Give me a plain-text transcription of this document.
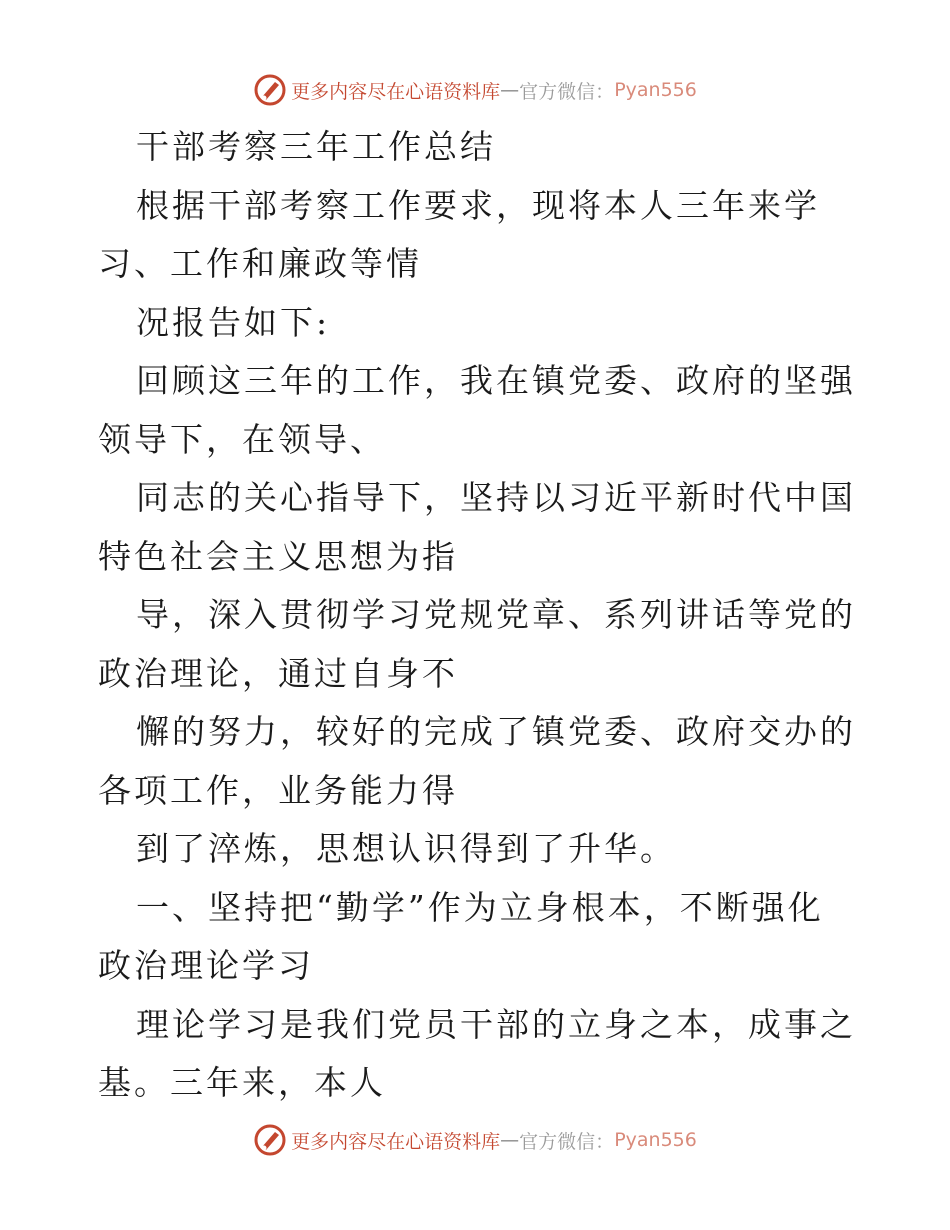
更多内容尽在心语资料库 — 官方微信： Pyan556

干部考察三年工作总结

根据干部考察工作要求，现将本人三年来学习、工作和廉政等情

况报告如下:

回顾这三年的工作，我在镇党委、政府的坚强领导下，在领导、

同志的关心指导下，坚持以习近平新时代中国特色社会主义思想为指

导，深入贯彻学习党规党章、系列讲话等党的政治理论，通过自身不

懈的努力，较好的完成了镇党委、政府交办的各项工作，业务能力得

到了淬炼，思想认识得到了升华。

一、坚持把“勤学”作为立身根本，不断强化政治理论学习

理论学习是我们党员干部的立身之本，成事之基。三年来，本人

更多内容尽在心语资料库 — 官方微信： Pyan556
